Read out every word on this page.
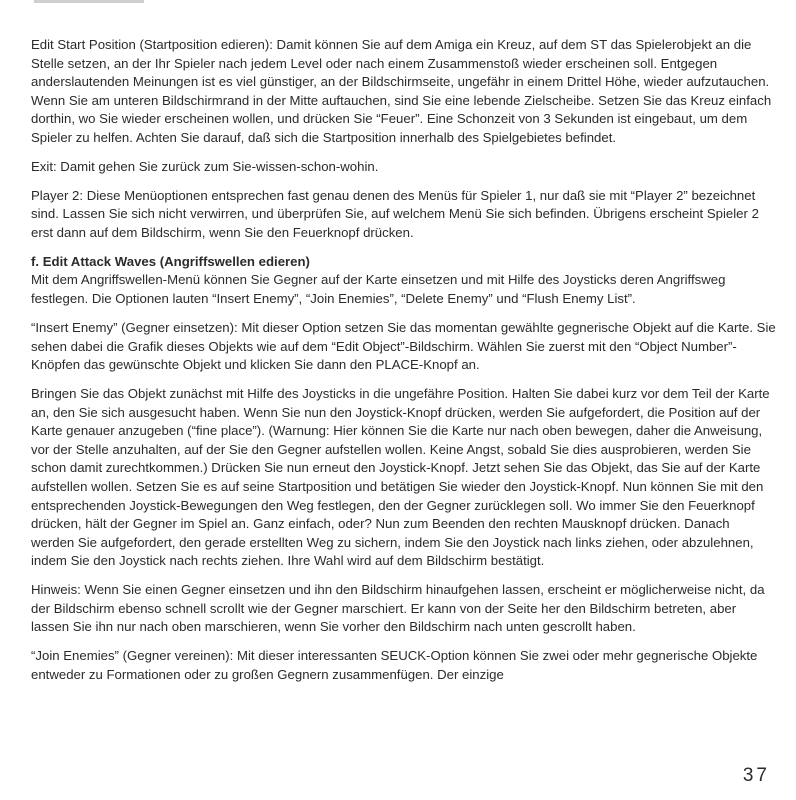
Edit Start Position (Startposition edieren): Damit können Sie auf dem Amiga ein Kreuz, auf dem ST das Spielerobjekt an die Stelle setzen, an der Ihr Spieler nach jedem Level oder nach einem Zusammenstoß wieder erscheinen soll. Entgegen anderslautenden Meinungen ist es viel günstiger, an der Bildschirmseite, ungefähr in einem Drittel Höhe, wieder aufzutauchen. Wenn Sie am unteren Bildschirmrand in der Mitte auftauchen, sind Sie eine lebende Zielscheibe. Setzen Sie das Kreuz einfach dorthin, wo Sie wieder erscheinen wollen, und drücken Sie “Feuer”. Eine Schonzeit von 3 Sekunden ist eingebaut, um dem Spieler zu helfen. Achten Sie darauf, daß sich die Startposition innerhalb des Spielgebietes befindet.

Exit: Damit gehen Sie zurück zum Sie-wissen-schon-wohin.

Player 2: Diese Menüoptionen entsprechen fast genau denen des Menüs für Spieler 1, nur daß sie mit “Player 2” bezeichnet sind. Lassen Sie sich nicht verwirren, und überprüfen Sie, auf welchem Menü Sie sich befinden. Übrigens erscheint Spieler 2 erst dann auf dem Bildschirm, wenn Sie den Feuerknopf drücken.

f. Edit Attack Waves (Angriffswellen edieren)

Mit dem Angriffswellen-Menü können Sie Gegner auf der Karte einsetzen und mit Hilfe des Joysticks deren Angriffsweg festlegen. Die Optionen lauten “Insert Enemy”, “Join Enemies”, “Delete Enemy” und “Flush Enemy List”.

“Insert Enemy” (Gegner einsetzen): Mit dieser Option setzen Sie das momentan gewählte gegnerische Objekt auf die Karte. Sie sehen dabei die Grafik dieses Objekts wie auf dem “Edit Object”-Bildschirm. Wählen Sie zuerst mit den “Object Number”-Knöpfen das gewünschte Objekt und klicken Sie dann den PLACE-Knopf an.

Bringen Sie das Objekt zunächst mit Hilfe des Joysticks in die ungefähre Position. Halten Sie dabei kurz vor dem Teil der Karte an, den Sie sich ausgesucht haben. Wenn Sie nun den Joystick-Knopf drücken, werden Sie aufgefordert, die Position auf der Karte genauer anzugeben (“fine place”). (Warnung: Hier können Sie die Karte nur nach oben bewegen, daher die Anweisung, vor der Stelle anzuhalten, auf der Sie den Gegner aufstellen wollen. Keine Angst, sobald Sie dies ausprobieren, werden Sie schon damit zurechtkommen.) Drücken Sie nun erneut den Joystick-Knopf. Jetzt sehen Sie das Objekt, das Sie auf der Karte aufstellen wollen. Setzen Sie es auf seine Startposition und betätigen Sie wieder den Joystick-Knopf. Nun können Sie mit den entsprechenden Joystick-Bewegungen den Weg festlegen, den der Gegner zurücklegen soll. Wo immer Sie den Feuerknopf drücken, hält der Gegner im Spiel an. Ganz einfach, oder? Nun zum Beenden den rechten Mausknopf drücken. Danach werden Sie aufgefordert, den gerade erstellten Weg zu sichern, indem Sie den Joystick nach links ziehen, oder abzulehnen, indem Sie den Joystick nach rechts ziehen. Ihre Wahl wird auf dem Bildschirm bestätigt.

Hinweis: Wenn Sie einen Gegner einsetzen und ihn den Bildschirm hinaufgehen lassen, erscheint er möglicherweise nicht, da der Bildschirm ebenso schnell scrollt wie der Gegner marschiert. Er kann von der Seite her den Bildschirm betreten, aber lassen Sie ihn nur nach oben marschieren, wenn Sie vorher den Bildschirm nach unten gescrollt haben.

“Join Enemies” (Gegner vereinen): Mit dieser interessanten SEUCK-Option können Sie zwei oder mehr gegnerische Objekte entweder zu Formationen oder zu großen Gegnern zusammenfügen. Der einzige

37
